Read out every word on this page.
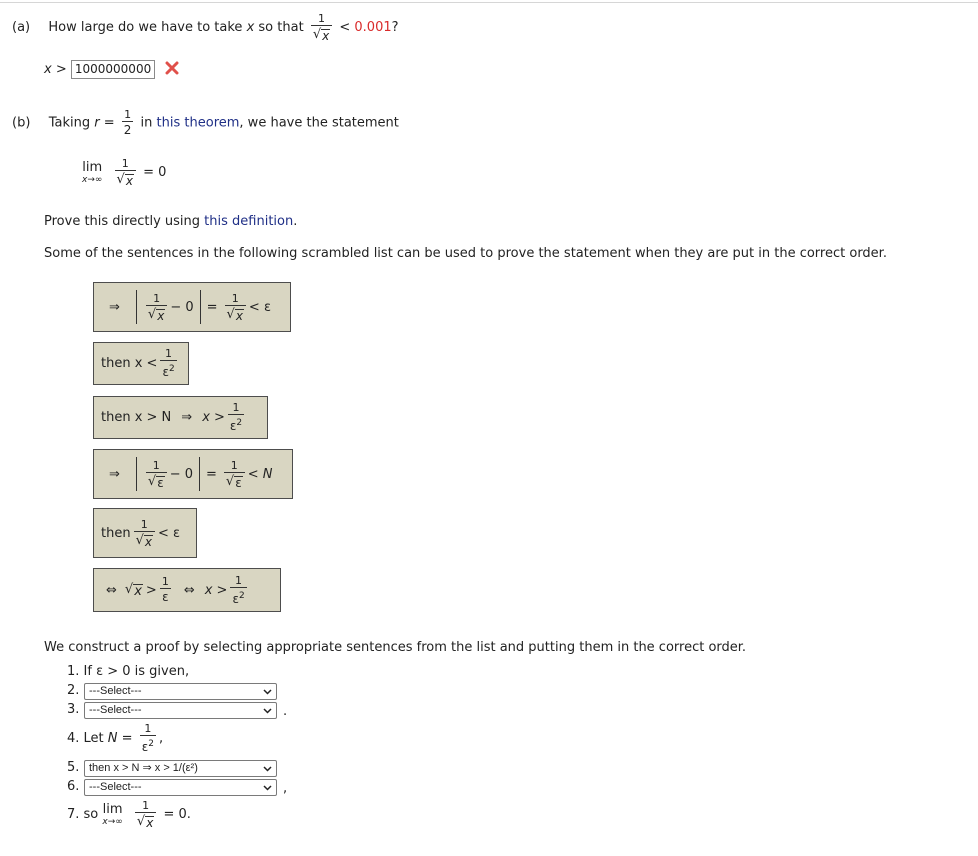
(a) How large do we have to take x so that $\frac{1}{√ x} < 0.001$?
x > 1000000000
(b) Taking $r = \frac{1}{2}$ in this theorem, we have the statement
lim
x→∞
$\frac{1}{√ x} = 0$
Prove this directly using this definition.
Some of the sentences in the following scrambled list can be used to prove the statement when they are put in the correct order.
⇒ $\frac{1}{√ x} - 0 = \frac{1}{√ x} < \varepsilon$
then $x < \frac{1}{\varepsilon^2}$
then x > N ⇒ $x > \frac{1}{\varepsilon^2}$
⇒ $\frac{1}{√ \varepsilon} - 0 = \frac{1}{√ \varepsilon} < N$
then $\frac{1}{√ x} < \varepsilon$
⇔ √ $x > \frac{1}{\varepsilon}$ ⇔ $x > \frac{1}{\varepsilon^2}$
We construct a proof by selecting appropriate sentences from the list and putting them in the correct order.
1. If ε > 0 is given,
2. ---Select---
3. ---Select---	.
4. Let $N = \frac{1}{\varepsilon^2}$ ,
5. then x > N ⇒ x > 1/(ε²)
6. ---Select---	,
7. so lim
x→∞
$\frac{1}{√ x} = 0$.
